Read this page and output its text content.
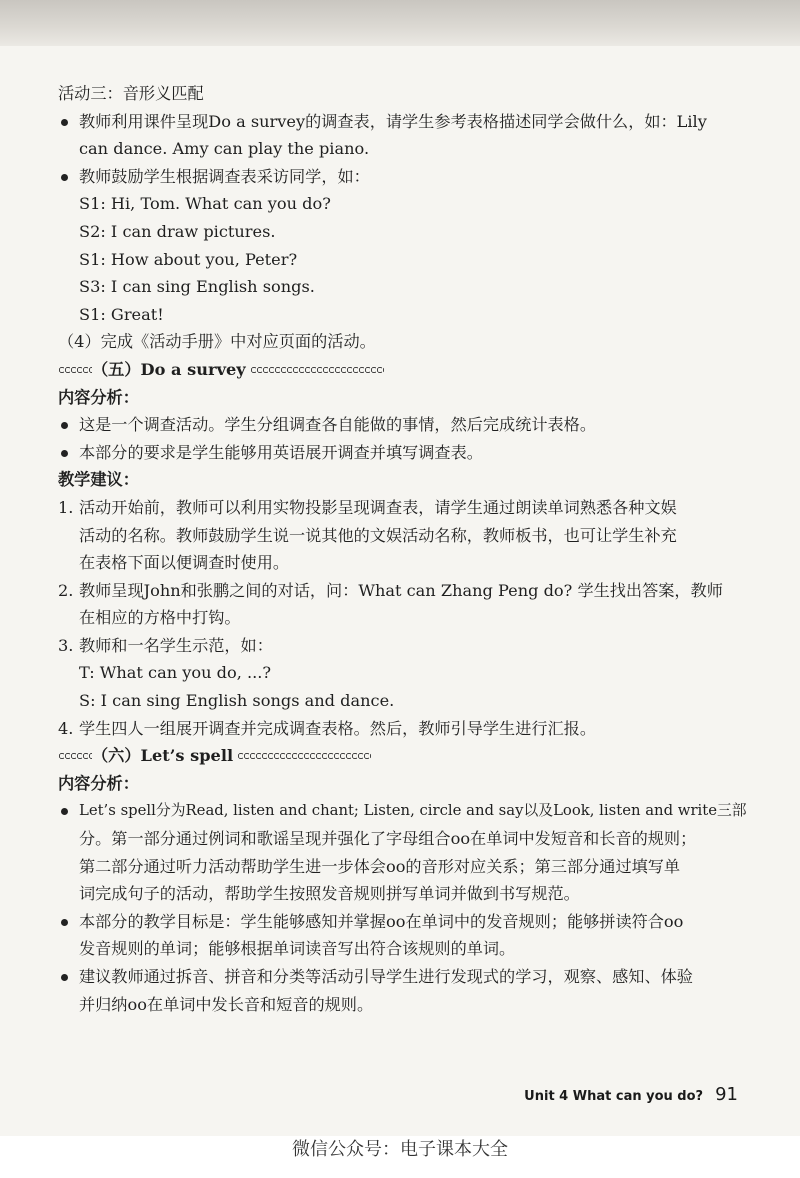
活动三：音形义匹配
教师利用课件呈现Do a survey的调查表，请学生参考表格描述同学会做什么，如：Lily
can dance. Amy can play the piano.
教师鼓励学生根据调查表采访同学，如：
S1: Hi, Tom. What can you do?
S2: I can draw pictures.
S1: How about you, Peter?
S3: I can sing English songs.
S1: Great!
（4）完成《活动手册》中对应页面的活动。
（五）Do a survey
内容分析：
这是一个调查活动。学生分组调查各自能做的事情，然后完成统计表格。
本部分的要求是学生能够用英语展开调查并填写调查表。
教学建议：
1. 活动开始前，教师可以利用实物投影呈现调查表，请学生通过朗读单词熟悉各种文娱
活动的名称。教师鼓励学生说一说其他的文娱活动名称，教师板书，也可让学生补充
在表格下面以便调查时使用。
2. 教师呈现John和张鹏之间的对话，问：What can Zhang Peng do? 学生找出答案，教师
在相应的方格中打钩。
3. 教师和一名学生示范，如：
T: What can you do, ...?
S: I can sing English songs and dance.
4. 学生四人一组展开调查并完成调查表格。然后，教师引导学生进行汇报。
（六）Let’s spell
内容分析：
Let’s spell分为Read, listen and chant; Listen, circle and say以及Look, listen and write三部
分。第一部分通过例词和歌谣呈现并强化了字母组合oo在单词中发短音和长音的规则；
第二部分通过听力活动帮助学生进一步体会oo的音形对应关系；第三部分通过填写单
词完成句子的活动，帮助学生按照发音规则拼写单词并做到书写规范。
本部分的教学目标是：学生能够感知并掌握oo在单词中的发音规则；能够拼读符合oo
发音规则的单词；能够根据单词读音写出符合该规则的单词。
建议教师通过拆音、拼音和分类等活动引导学生进行发现式的学习，观察、感知、体验
并归纳oo在单词中发长音和短音的规则。
Unit 4 What can you do? 91
微信公众号：电子课本大全
